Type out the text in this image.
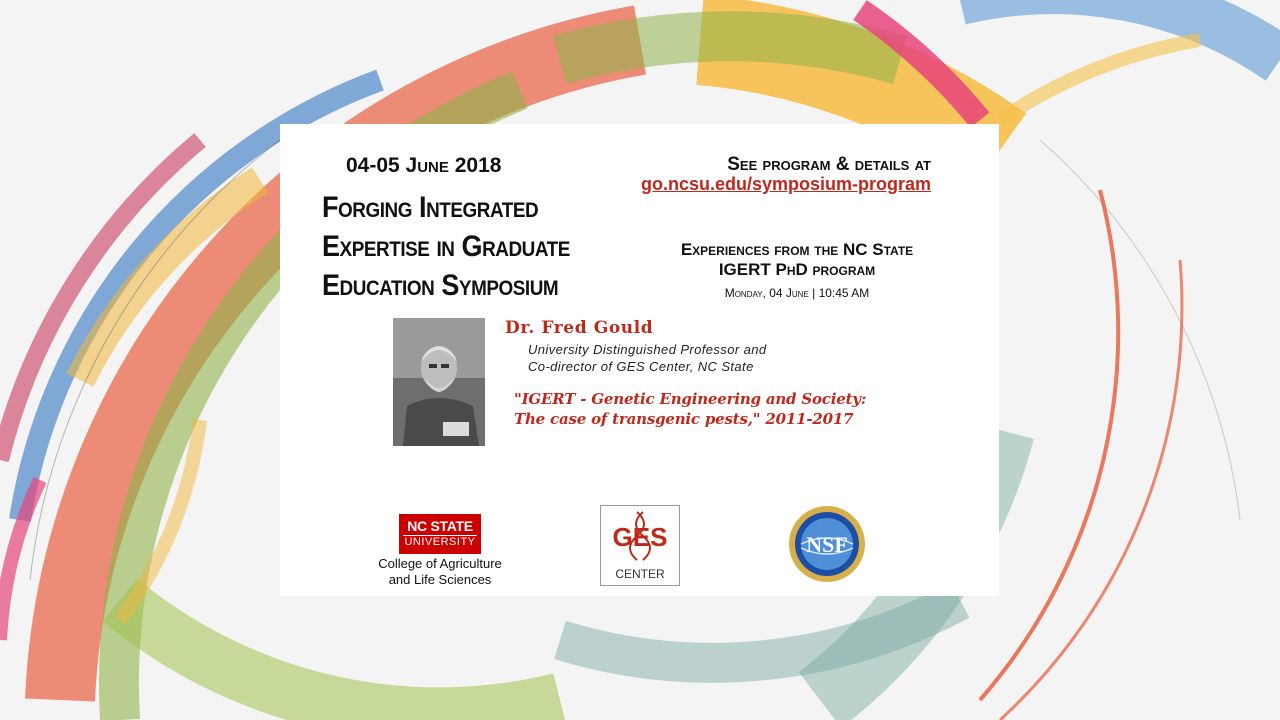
04-05 June 2018
Forging Integrated
Expertise in Graduate
Education Symposium
See program & details at
go.ncsu.edu/symposium-program
Experiences from the NC State
IGERT PhD program
Monday, 04 June | 10:45 AM
Dr. Fred Gould
University Distinguished Professor and
Co-director of GES Center, NC State
"IGERT - Genetic Engineering and Society:
The case of transgenic pests," 2011-2017
NC STATE
UNIVERSITY
College of Agriculture
and Life Sciences
GES
CENTER
NSF
